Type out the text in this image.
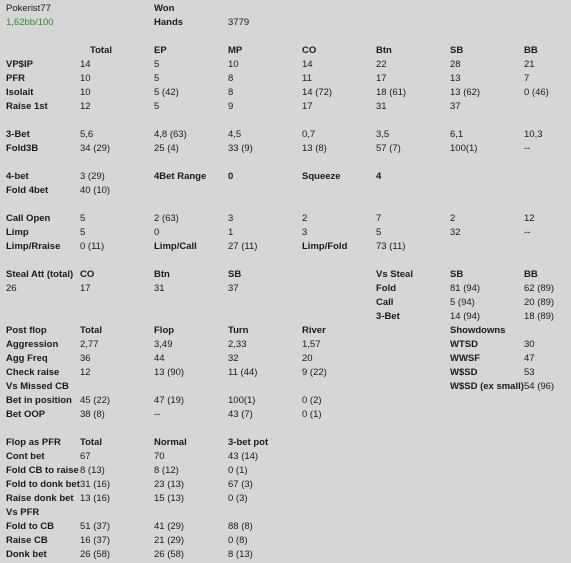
Pokerist77	Won
1,62bb/100	Hands	3779
Total	EP	MP	CO	Btn	SB	BB
VP$IP	14	5	10	14	22	28	21
PFR	10	5	8	11	17	13	7
Isolait	10	5 (42)	8	14 (72)	18 (61)	13 (62)	0 (46)
Raise 1st	12	5	9	17	31	37
3-Bet	5,6	4,8 (63)	4,5	0,7	3,5	6,1	10,3
Fold3B	34 (29)	25 (4)	33 (9)	13 (8)	57 (7)	100(1)	--
4-bet	3 (29)	4Bet Range 0	Squeeze	4
Fold 4bet	40 (10)
Call Open	5	2 (63)	3	2	7	2	12
Limp	5	0	1	3	5	32	--
Limp/Rraise 0 (11)	Limp/Call	27 (11)	Limp/Fold	73 (11)
Steal Att (total) CO	Btn	SB	Vs Steal	SB	BB
26	17	31	37	Fold	81 (94)	62 (89)
Call	5 (94)	20 (89)
3-Bet	14 (94)	18 (89)
Post flop	Total	Flop	Turn	River	Showdowns
Aggression 2,77	3,49	2,33	1,57	WTSD	30
Agg Freq	36	44	32	20	WWSF	47
Check raise 12	13 (90)	11 (44)	9 (22)	W$SD	53
Vs Missed CB	W$SD (ex small) 54 (96)
Bet in position 45 (22)	47 (19)	100(1)	0 (2)
Bet OOP	38 (8)	--	43 (7)	0 (1)
Flop as PFR Total	Normal	3-bet pot
Cont bet	67	70	43 (14)
Fold CB to raise 8 (13)	8 (12)	0 (1)
Fold to donk bet 31 (16)	23 (13)	67 (3)
Raise donk bet 13 (16)	15 (13)	0 (3)
Vs PFR
Fold to CB	51 (37)	41 (29)	88 (8)
Raise CB	16 (37)	21 (29)	0 (8)
Donk bet	26 (58)	26 (58)	8 (13)
